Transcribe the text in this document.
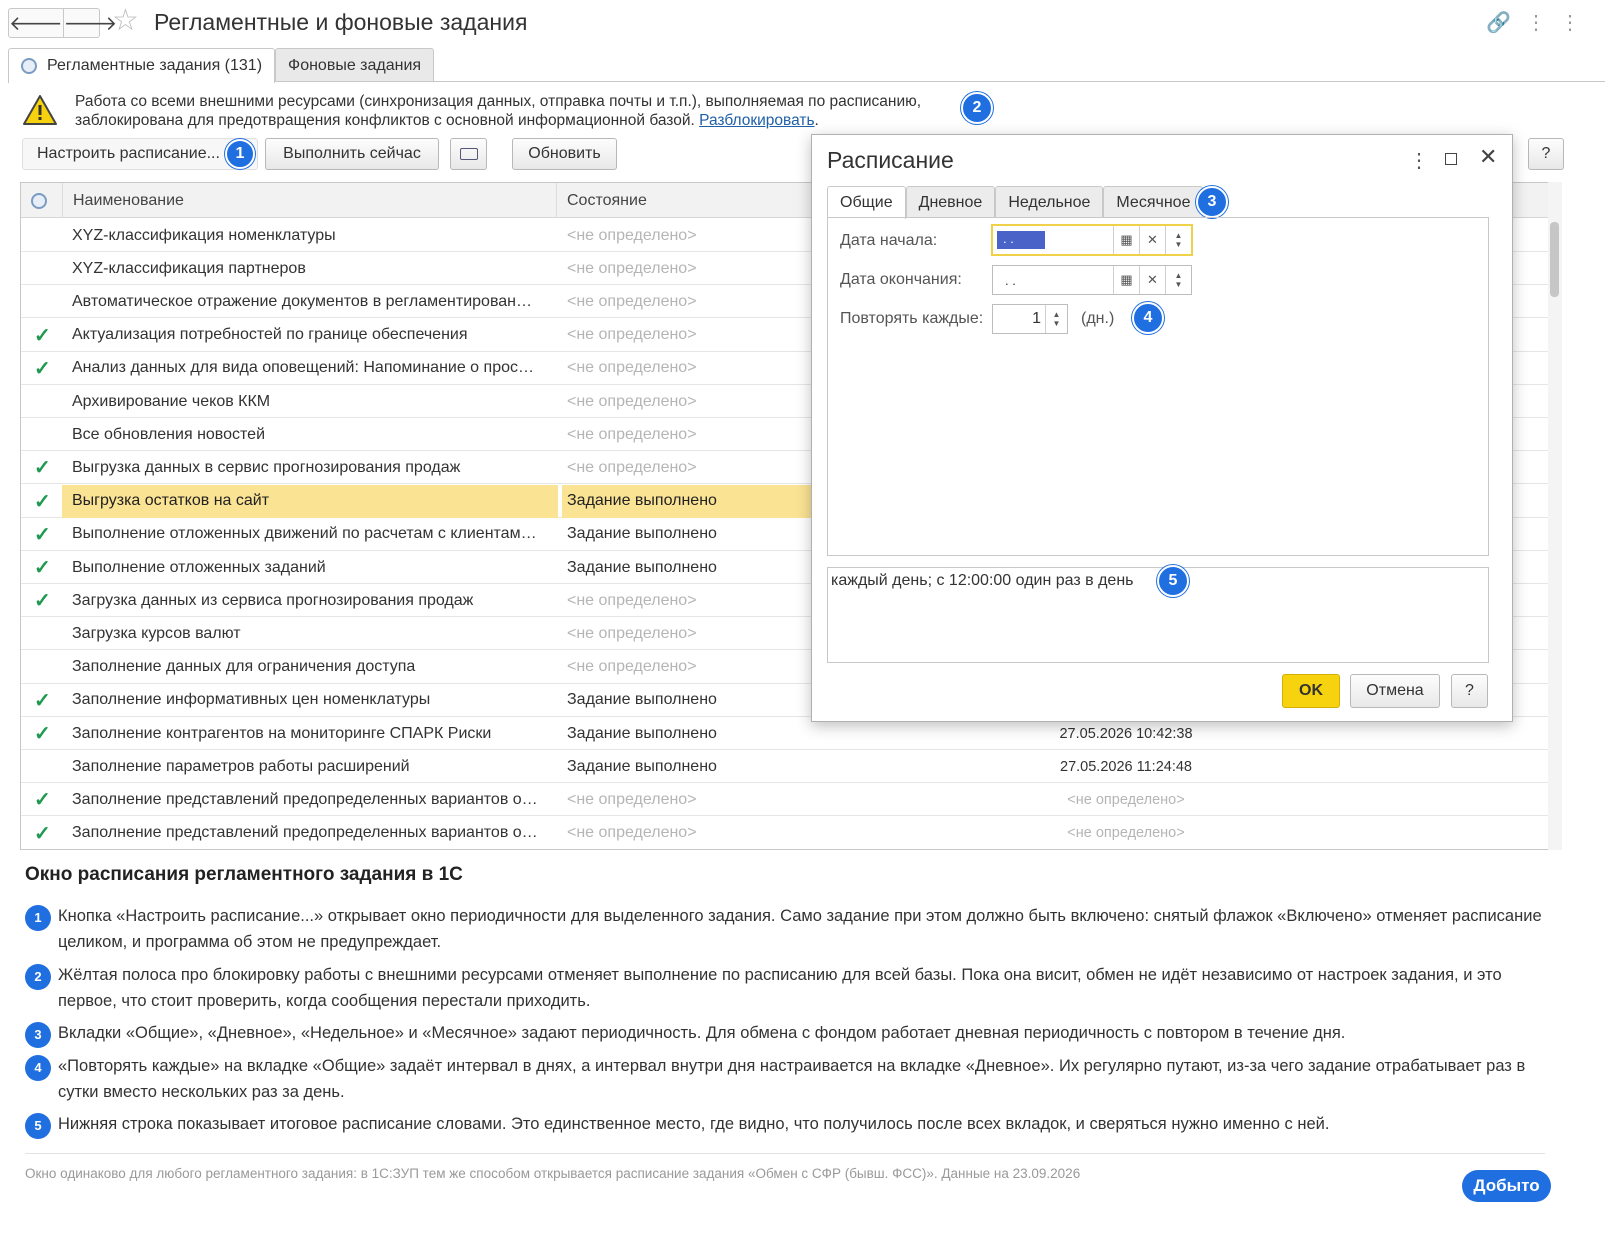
🡐 🡒
☆ Регламентные и фоновые задания	🔗 ⋮ ⋮
Регламентные задания (131) Фоновые задания
Работа со всеми внешними ресурсами (синхронизация данных, отправка почты и т.п.), выполняемая по расписанию, заблокирована для предотвращения конфликтов с основной информационной базой. Разблокировать.
2
Настроить расписание... 1	Выполнить сейчас	Обновить	?
Наименование	Состояние
XYZ-классификация номенклатуры	<не определено>
XYZ-классификация партнеров	<не определено>
Автоматическое отражение документов в регламентирован…	<не определено>
✓	Актуализация потребностей по границе обеспечения	<не определено>
✓	Анализ данных для вида оповещений: Напоминание о прос…	<не определено>
Архивирование чеков ККМ	<не определено>
Все обновления новостей	<не определено>
✓	Выгрузка данных в сервис прогнозирования продаж	<не определено>
✓	Выгрузка остатков на сайт	Задание выполнено
✓	Выполнение отложенных движений по расчетам с клиентам…	Задание выполнено
✓	Выполнение отложенных заданий	Задание выполнено
✓	Загрузка данных из сервиса прогнозирования продаж	<не определено>
Загрузка курсов валют	<не определено>
Заполнение данных для ограничения доступа	<не определено>
✓	Заполнение информативных цен номенклатуры	Задание выполнено
✓	Заполнение контрагентов на мониторинге СПАРК Риски	Задание выполнено	27.05.2026 10:42:38
Заполнение параметров работы расширений	Задание выполнено	27.05.2026 11:24:48
✓	Заполнение представлений предопределенных вариантов о…	<не определено>	<не определено>
✓	Заполнение представлений предопределенных вариантов о…	<не определено>	<не определено>
Расписание	⋮ ✕
Общие	Дневное	Недельное	Месячное	3
Дата начала:	. .	▦	✕	▲
▼
Дата окончания:	. .	▦	✕	▲
▼
Повторять каждые:	1	▲
▼	(дн.)	4
каждый день; с 12:00:00 один раз в день	5
OK	Отмена	?
Окно расписания регламентного задания в 1С
1 Кнопка «Настроить расписание...» открывает окно периодичности для выделенного задания. Само задание при этом должно быть включено: снятый флажок «Включено» отменяет расписание целиком, и программа об этом не предупреждает.

2 Жёлтая полоса про блокировку работы с внешними ресурсами отменяет выполнение по расписанию для всей базы. Пока она висит, обмен не идёт независимо от настроек задания, и это первое, что стоит проверить, когда сообщения перестали приходить.

3 Вкладки «Общие», «Дневное», «Недельное» и «Месячное» задают периодичность. Для обмена с фондом работает дневная периодичность с повтором в течение дня.

4 «Повторять каждые» на вкладке «Общие» задаёт интервал в днях, а интервал внутри дня настраивается на вкладке «Дневное». Их регулярно путают, из-за чего задание отрабатывает раз в сутки вместо нескольких раз за день.

5 Нижняя строка показывает итоговое расписание словами. Это единственное место, где видно, что получилось после всех вкладок, и сверяться нужно именно с ней.

Окно одинаково для любого регламентного задания: в 1С:ЗУП тем же способом открывается расписание задания «Обмен с СФР (бывш. ФСС)». Данные на 23.09.2026
Добыто
